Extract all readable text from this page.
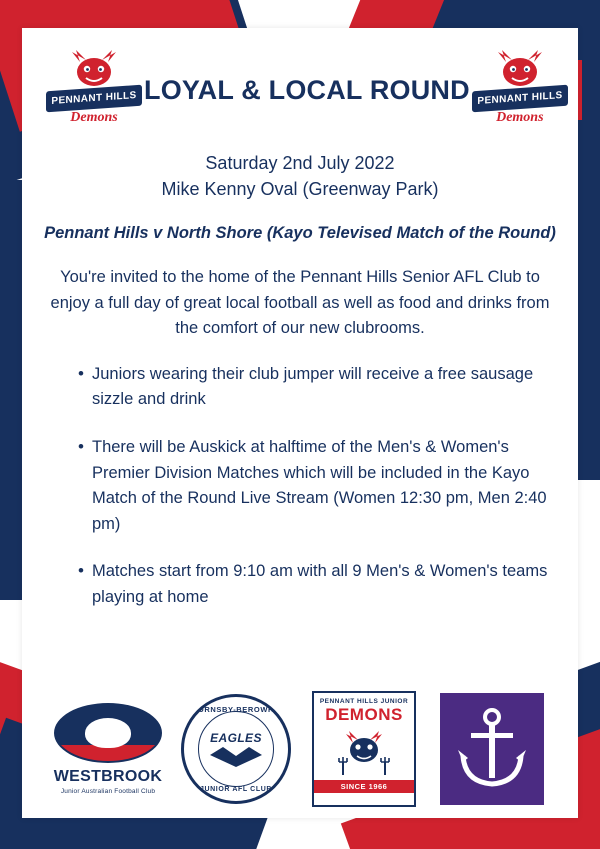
PENNANT HILLS
Demons
LOYAL & LOCAL ROUND PENNANT HILLS
Demons
Saturday 2nd July 2022
Mike Kenny Oval (Greenway Park)
Pennant Hills v North Shore (Kayo Televised Match of the Round)
You're invited to the home of the Pennant Hills Senior AFL Club to enjoy a full day of great local football as well as food and drinks from the comfort of our new clubrooms.
• Juniors wearing their club jumper will receive a free sausage sizzle and drink
• There will be Auskick at halftime of the Men's & Women's Premier Division Matches which will be included in the Kayo Match of the Round Live Stream (Women 12:30 pm, Men 2:40 pm)
• Matches start from 9:10 am with all 9 Men's & Women's teams playing at home
WESTBROOK
Junior Australian Football Club
HORNSBY-BEROWRA
EAGLES
JUNIOR AFL CLUB
PENNANT HILLS JUNIOR
DEMONS
SINCE 1966
